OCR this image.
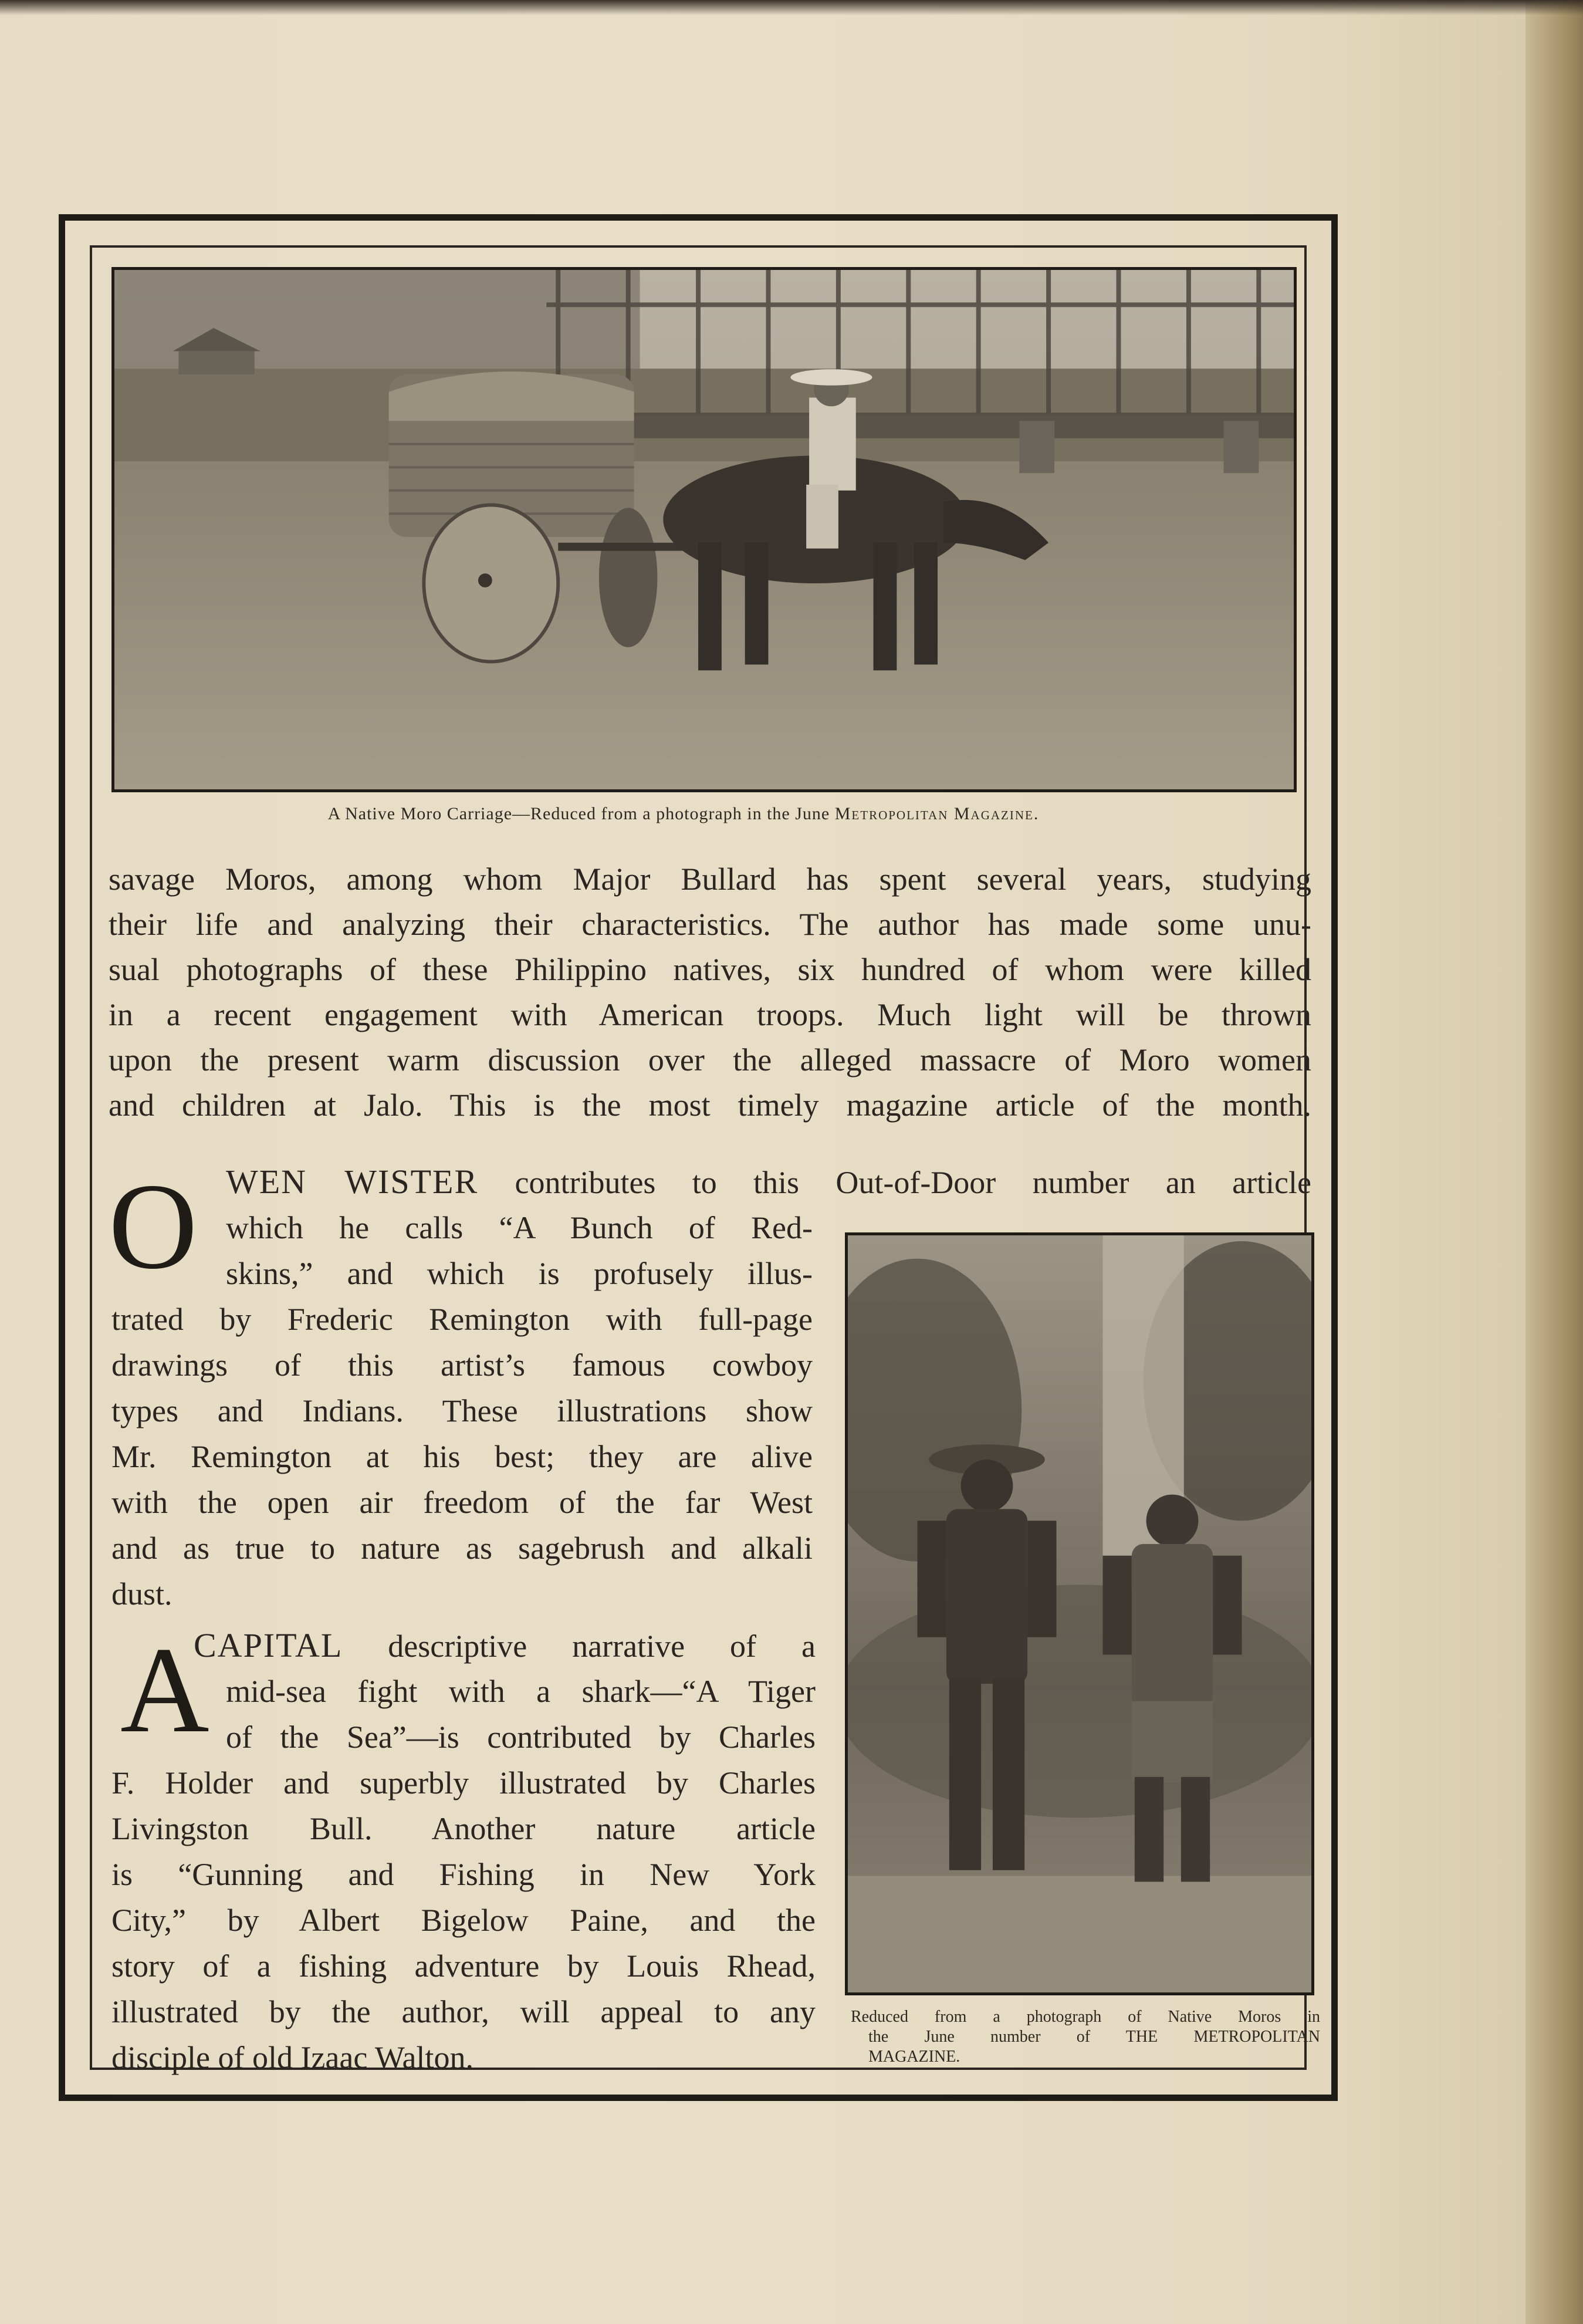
A Native Moro Carriage—Reduced from a photograph in the June Metropolitan Magazine.
savage Moros, among whom Major Bullard has spent several years, studying
their life and analyzing their characteristics. The author has made some unu-
sual photographs of these Philippino natives, six hundred of whom were killed
in a recent engagement with American troops. Much light will be thrown
upon the present warm discussion over the alleged massacre of Moro women
and children at Jalo. This is the most timely magazine article of the month.
O WEN WISTER contributes to this Out-of-Door number an article
which he calls “A Bunch of Red-
skins,” and which is profusely illus-
trated by Frederic Remington with full-page
drawings of this artist’s famous cowboy
types and Indians. These illustrations show
Mr. Remington at his best; they are alive
with the open air freedom of the far West
and as true to nature as sagebrush and alkali
dust.
A
CAPITAL descriptive narrative of a
mid-sea fight with a shark—“A Tiger
of the Sea”—is contributed by Charles
F. Holder and superbly illustrated by Charles
Livingston Bull. Another nature article
is “Gunning and Fishing in New York
City,” by Albert Bigelow Paine, and the
story of a fishing adventure by Louis Rhead,
illustrated by the author, will appeal to any
disciple of old Izaac Walton.
Reduced from a photograph of Native Moros in
the June number of THE METROPOLITAN
MAGAZINE.
